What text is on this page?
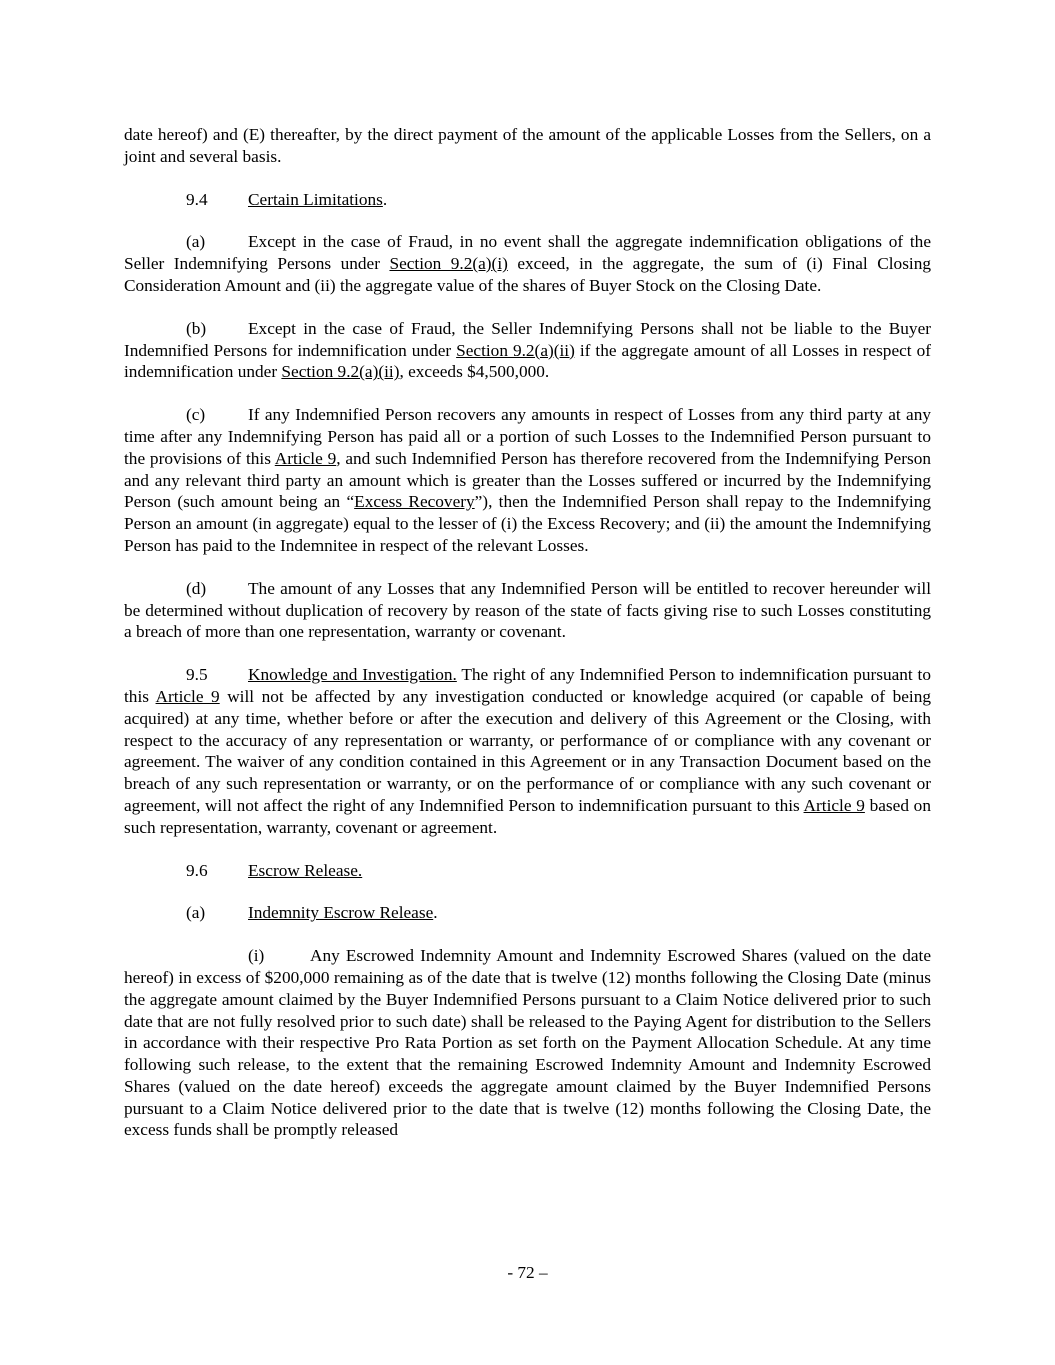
date hereof) and (E) thereafter, by the direct payment of the amount of the applicable Losses from the Sellers, on a joint and several basis.

9.4 Certain Limitations.

(a) Except in the case of Fraud, in no event shall the aggregate indemnification obligations of the Seller Indemnifying Persons under Section 9.2(a)(i) exceed, in the aggregate, the sum of (i) Final Closing Consideration Amount and (ii) the aggregate value of the shares of Buyer Stock on the Closing Date.

(b) Except in the case of Fraud, the Seller Indemnifying Persons shall not be liable to the Buyer Indemnified Persons for indemnification under Section 9.2(a)(ii) if the aggregate amount of all Losses in respect of indemnification under Section 9.2(a)(ii), exceeds $4,500,000.

(c) If any Indemnified Person recovers any amounts in respect of Losses from any third party at any time after any Indemnifying Person has paid all or a portion of such Losses to the Indemnified Person pursuant to the provisions of this Article 9, and such Indemnified Person has therefore recovered from the Indemnifying Person and any relevant third party an amount which is greater than the Losses suffered or incurred by the Indemnifying Person (such amount being an “Excess Recovery”), then the Indemnified Person shall repay to the Indemnifying Person an amount (in aggregate) equal to the lesser of (i) the Excess Recovery; and (ii) the amount the Indemnifying Person has paid to the Indemnitee in respect of the relevant Losses.

(d) The amount of any Losses that any Indemnified Person will be entitled to recover hereunder will be determined without duplication of recovery by reason of the state of facts giving rise to such Losses constituting a breach of more than one representation, warranty or covenant.

9.5 Knowledge and Investigation. The right of any Indemnified Person to indemnification pursuant to this Article 9 will not be affected by any investigation conducted or knowledge acquired (or capable of being acquired) at any time, whether before or after the execution and delivery of this Agreement or the Closing, with respect to the accuracy of any representation or warranty, or performance of or compliance with any covenant or agreement. The waiver of any condition contained in this Agreement or in any Transaction Document based on the breach of any such representation or warranty, or on the performance of or compliance with any such covenant or agreement, will not affect the right of any Indemnified Person to indemnification pursuant to this Article 9 based on such representation, warranty, covenant or agreement.

9.6 Escrow Release.

(a) Indemnity Escrow Release.

(i)	Any Escrowed Indemnity Amount and Indemnity Escrowed Shares (valued on the date hereof) in excess of $200,000 remaining as of the date that is twelve (12) months following the Closing Date (minus the aggregate amount claimed by the Buyer Indemnified Persons pursuant to a Claim Notice delivered prior to such date that are not fully resolved prior to such date) shall be released to the Paying Agent for distribution to the Sellers in accordance with their respective Pro Rata Portion as set forth on the Payment Allocation Schedule. At any time following such release, to the extent that the remaining Escrowed Indemnity Amount and Indemnity Escrowed Shares (valued on the date hereof) exceeds the aggregate amount claimed by the Buyer Indemnified Persons pursuant to a Claim Notice delivered prior to the date that is twelve (12) months following the Closing Date, the excess funds shall be promptly released

- 72 –
